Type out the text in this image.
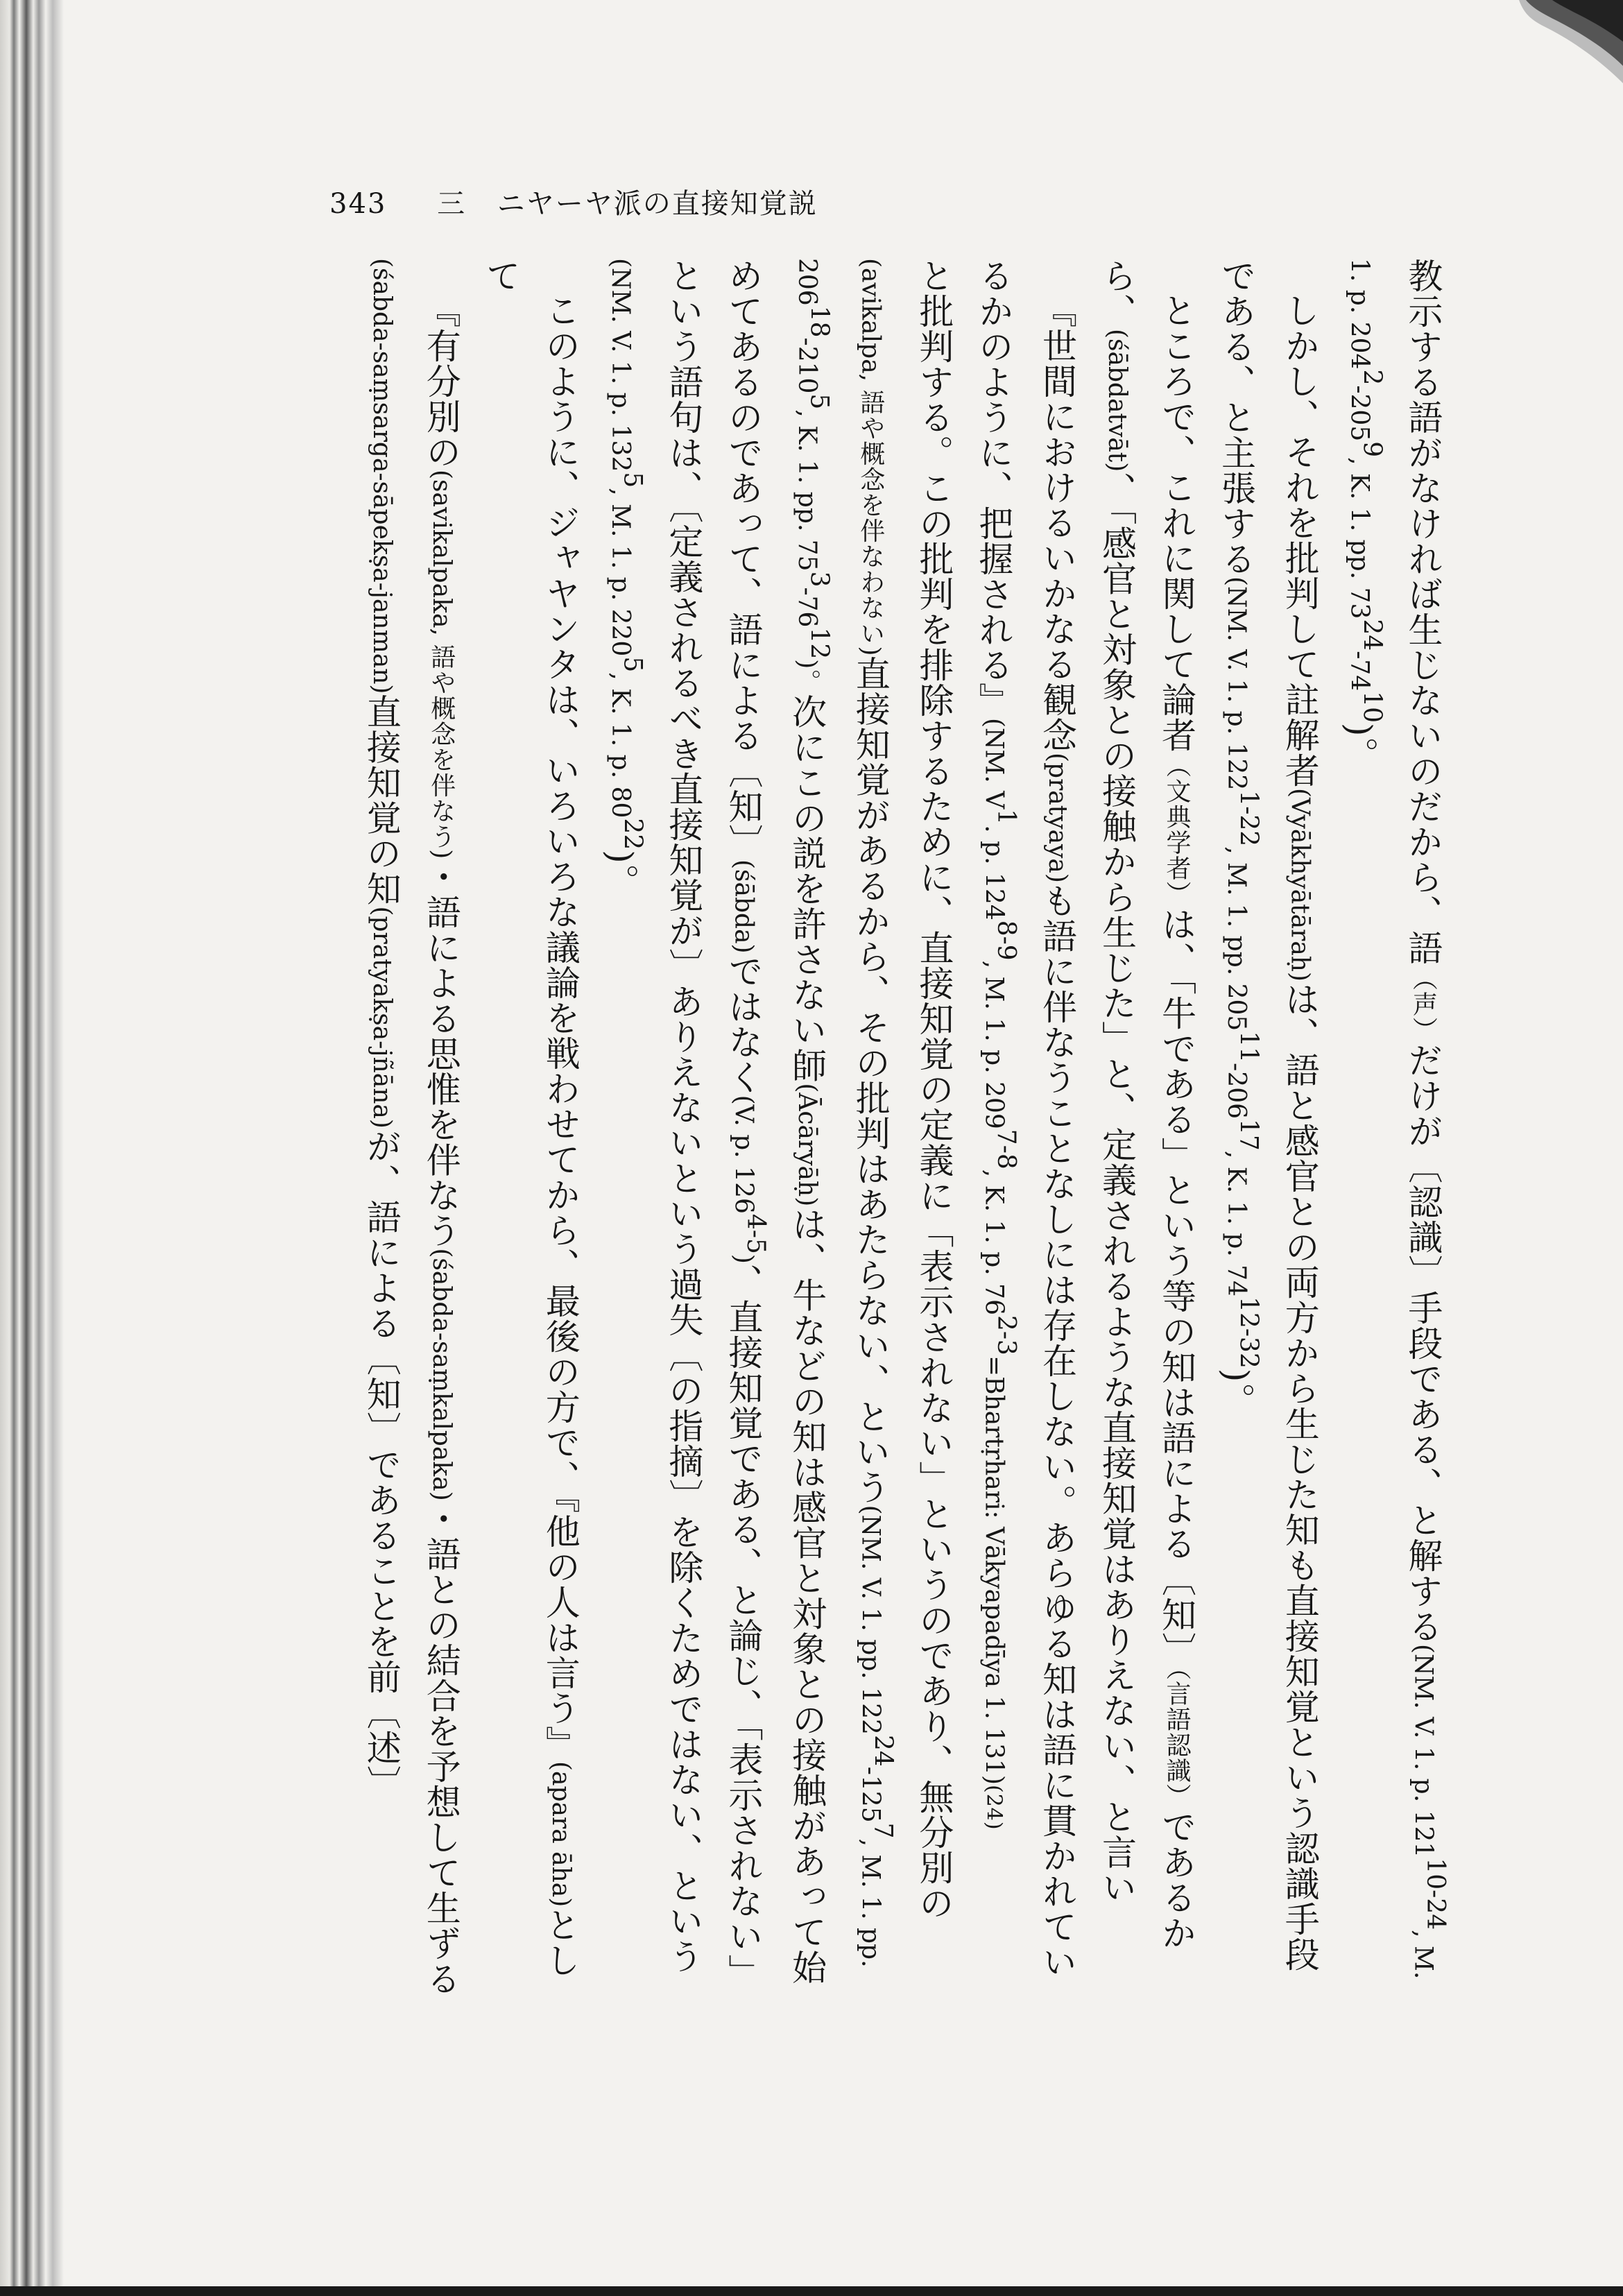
343 三 ニヤーヤ派の直接知覚説

教示する語がなければ生じないのだから、語（声）だけが〔認識〕手段である、と解する(NM. V. 1. p. 121$^{10-24}$, M. 1. p. $204^2-205^9$, K. 1. pp. $73^{24}-74^{10}$)。

しかし、それを批判して註解者(Vyākhyātāraḥ)は、語と感官との両方から生じた知も直接知覚という認識手段である、と主張する(NM. V. 1. p. 122$^{1-22}$, M. 1. pp. $205^{11}-206^{17}$, K. 1. p. 74$^{12-32}$)。

ところで、これに関して論者（文典学者）は、「牛である」という等の知は語による〔知〕（言語認識）であるから、(śābdatvāt)、「感官と対象との接触から生じた」と、定義されるような直接知覚はありえない、と言い

『世間におけるいかなる観念(pratyaya)も語に伴なうことなしには存在しない。あらゆる知は語に貫かれているかのように、把握される』(NM. $V^1$. p. 124$^{8-9}$, M. 1. p. 209$^{7-8}$, K. 1. p. $76^{2-3}=Bhartṛhari$: Vākyapadīya 1. 131)(24)

と批判する。この批判を排除するために、直接知覚の定義に「表示されない」というのであり、無分別の(avikalpa, 語や概念を伴なわない)直接知覚があるから、その批判はあたらない、という(NM. V. 1. pp. $122^{24}-125^7$, M. 1. pp. $206^{18}-210^5$, K. 1. pp. $75^3-76^{12}$)。次にこの説を許さない師(Ācāryāḥ)は、牛などの知は感官と対象との接触があって始めてあるのであって、語による〔知〕(śābda)ではなく(V. p. 126$^{4-5}$)、直接知覚である、と論じ、「表示されない」という語句は、〔定義されるべき直接知覚が〕ありえないという過失〔の指摘〕を除くためではない、という(NM. V. 1. p. $132^5$, M. 1. p. $220^5$, K. 1. p. $80^{22}$)。

このように、ジャヤンタは、いろいろな議論を戦わせてから、最後の方で、『他の人は言う』(apara āha)として

『有分別の(savikalpaka, 語や概念を伴なう)・語による思惟を伴なう(śabda-saṃkalpaka)・語との結合を予想して生ずる(śabda-saṃsarga-sāpekṣa-janman)直接知覚の知(pratyakṣa-jñāna)が、語による〔知〕であることを前〔述〕
